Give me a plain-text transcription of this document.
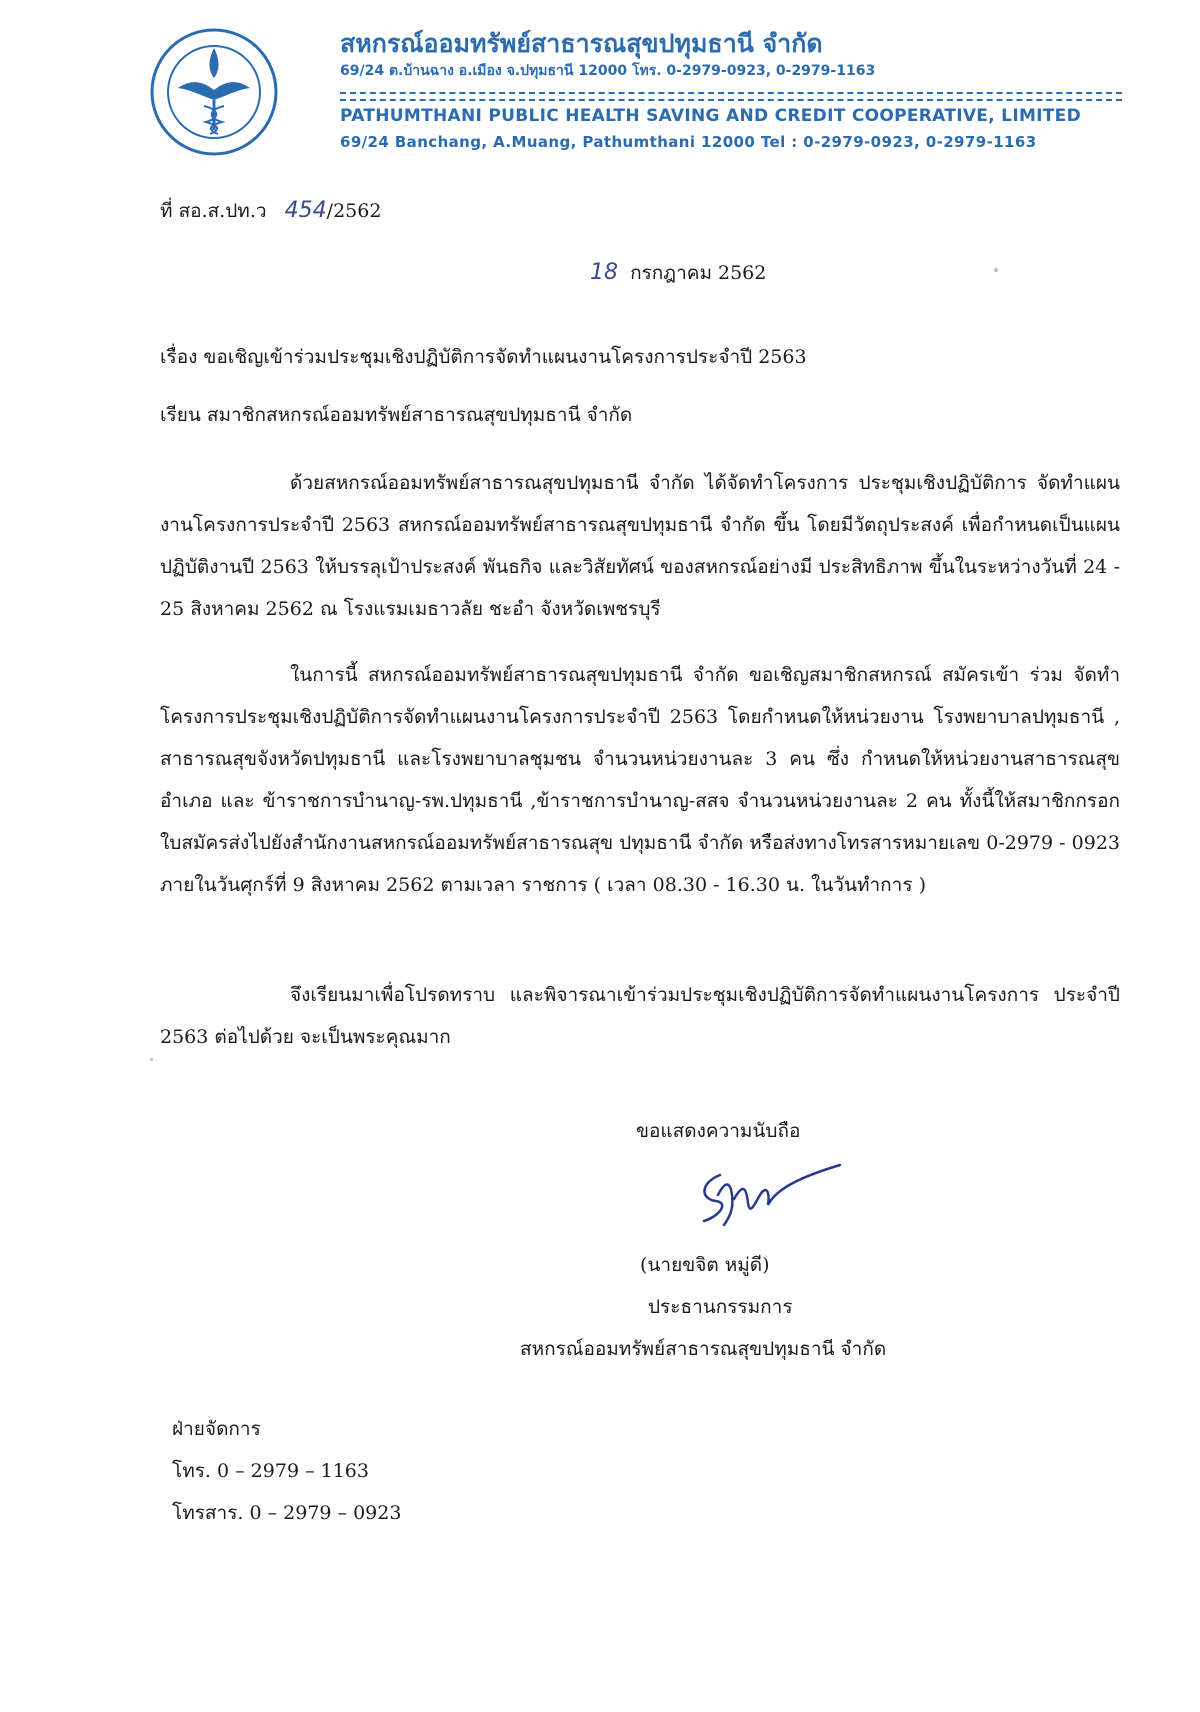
สหกรณ์ออมทรัพย์สาธารณสุขปทุมธานี จำกัด
69/24 ต.บ้านฉาง อ.เมือง จ.ปทุมธานี 12000 โทร. 0-2979-0923, 0-2979-1163
PATHUMTHANI PUBLIC HEALTH SAVING AND CREDIT COOPERATIVE, LIMITED
69/24 Banchang, A.Muang, Pathumthani 12000 Tel : 0-2979-0923, 0-2979-1163
ที่ สอ.ส.ปท.ว 454/2562
18 กรกฎาคม 2562
เรื่อง ขอเชิญเข้าร่วมประชุมเชิงปฏิบัติการจัดทำแผนงานโครงการประจำปี 2563
เรียน สมาชิกสหกรณ์ออมทรัพย์สาธารณสุขปทุมธานี จำกัด

ด้วยสหกรณ์ออมทรัพย์สาธารณสุขปทุมธานี จำกัด ได้จัดทำโครงการ ประชุมเชิงปฏิบัติการ จัดทำแผนงานโครงการประจำปี 2563 สหกรณ์ออมทรัพย์สาธารณสุขปทุมธานี จำกัด ขึ้น โดยมีวัตถุประสงค์ เพื่อกำหนดเป็นแผนปฏิบัติงานปี 2563 ให้บรรลุเป้าประสงค์ พันธกิจ และวิสัยทัศน์ ของสหกรณ์อย่างมี ประสิทธิภาพ ขึ้นในระหว่างวันที่ 24 - 25 สิงหาคม 2562 ณ โรงแรมเมธาวลัย ชะอำ จังหวัดเพชรบุรี

ในการนี้ สหกรณ์ออมทรัพย์สาธารณสุขปทุมธานี จำกัด ขอเชิญสมาชิกสหกรณ์ สมัครเข้า ร่วม จัดทำโครงการประชุมเชิงปฏิบัติการจัดทำแผนงานโครงการประจำปี 2563 โดยกำหนดให้หน่วยงาน โรงพยาบาลปทุมธานี , สาธารณสุขจังหวัดปทุมธานี และโรงพยาบาลชุมชน จำนวนหน่วยงานละ 3 คน ซึ่ง กำหนดให้หน่วยงานสาธารณสุขอำเภอ และ ข้าราชการบำนาญ-รพ.ปทุมธานี ,ข้าราชการบำนาญ-สสจ จำนวนหน่วยงานละ 2 คน ทั้งนี้ให้สมาชิกกรอกใบสมัครส่งไปยังสำนักงานสหกรณ์ออมทรัพย์สาธารณสุข ปทุมธานี จำกัด หรือส่งทางโทรสารหมายเลข 0-2979 - 0923 ภายในวันศุกร์ที่ 9 สิงหาคม 2562 ตามเวลา ราชการ ( เวลา 08.30 - 16.30 น. ในวันทำการ )

จึงเรียนมาเพื่อโปรดทราบ และพิจารณาเข้าร่วมประชุมเชิงปฏิบัติการจัดทำแผนงานโครงการ ประจำปี 2563 ต่อไปด้วย จะเป็นพระคุณมาก

ขอแสดงความนับถือ
(นายขจิต หมู่ดี)
ประธานกรรมการ
สหกรณ์ออมทรัพย์สาธารณสุขปทุมธานี จำกัด
ฝ่ายจัดการ
โทร. 0 – 2979 – 1163
โทรสาร. 0 – 2979 – 0923
